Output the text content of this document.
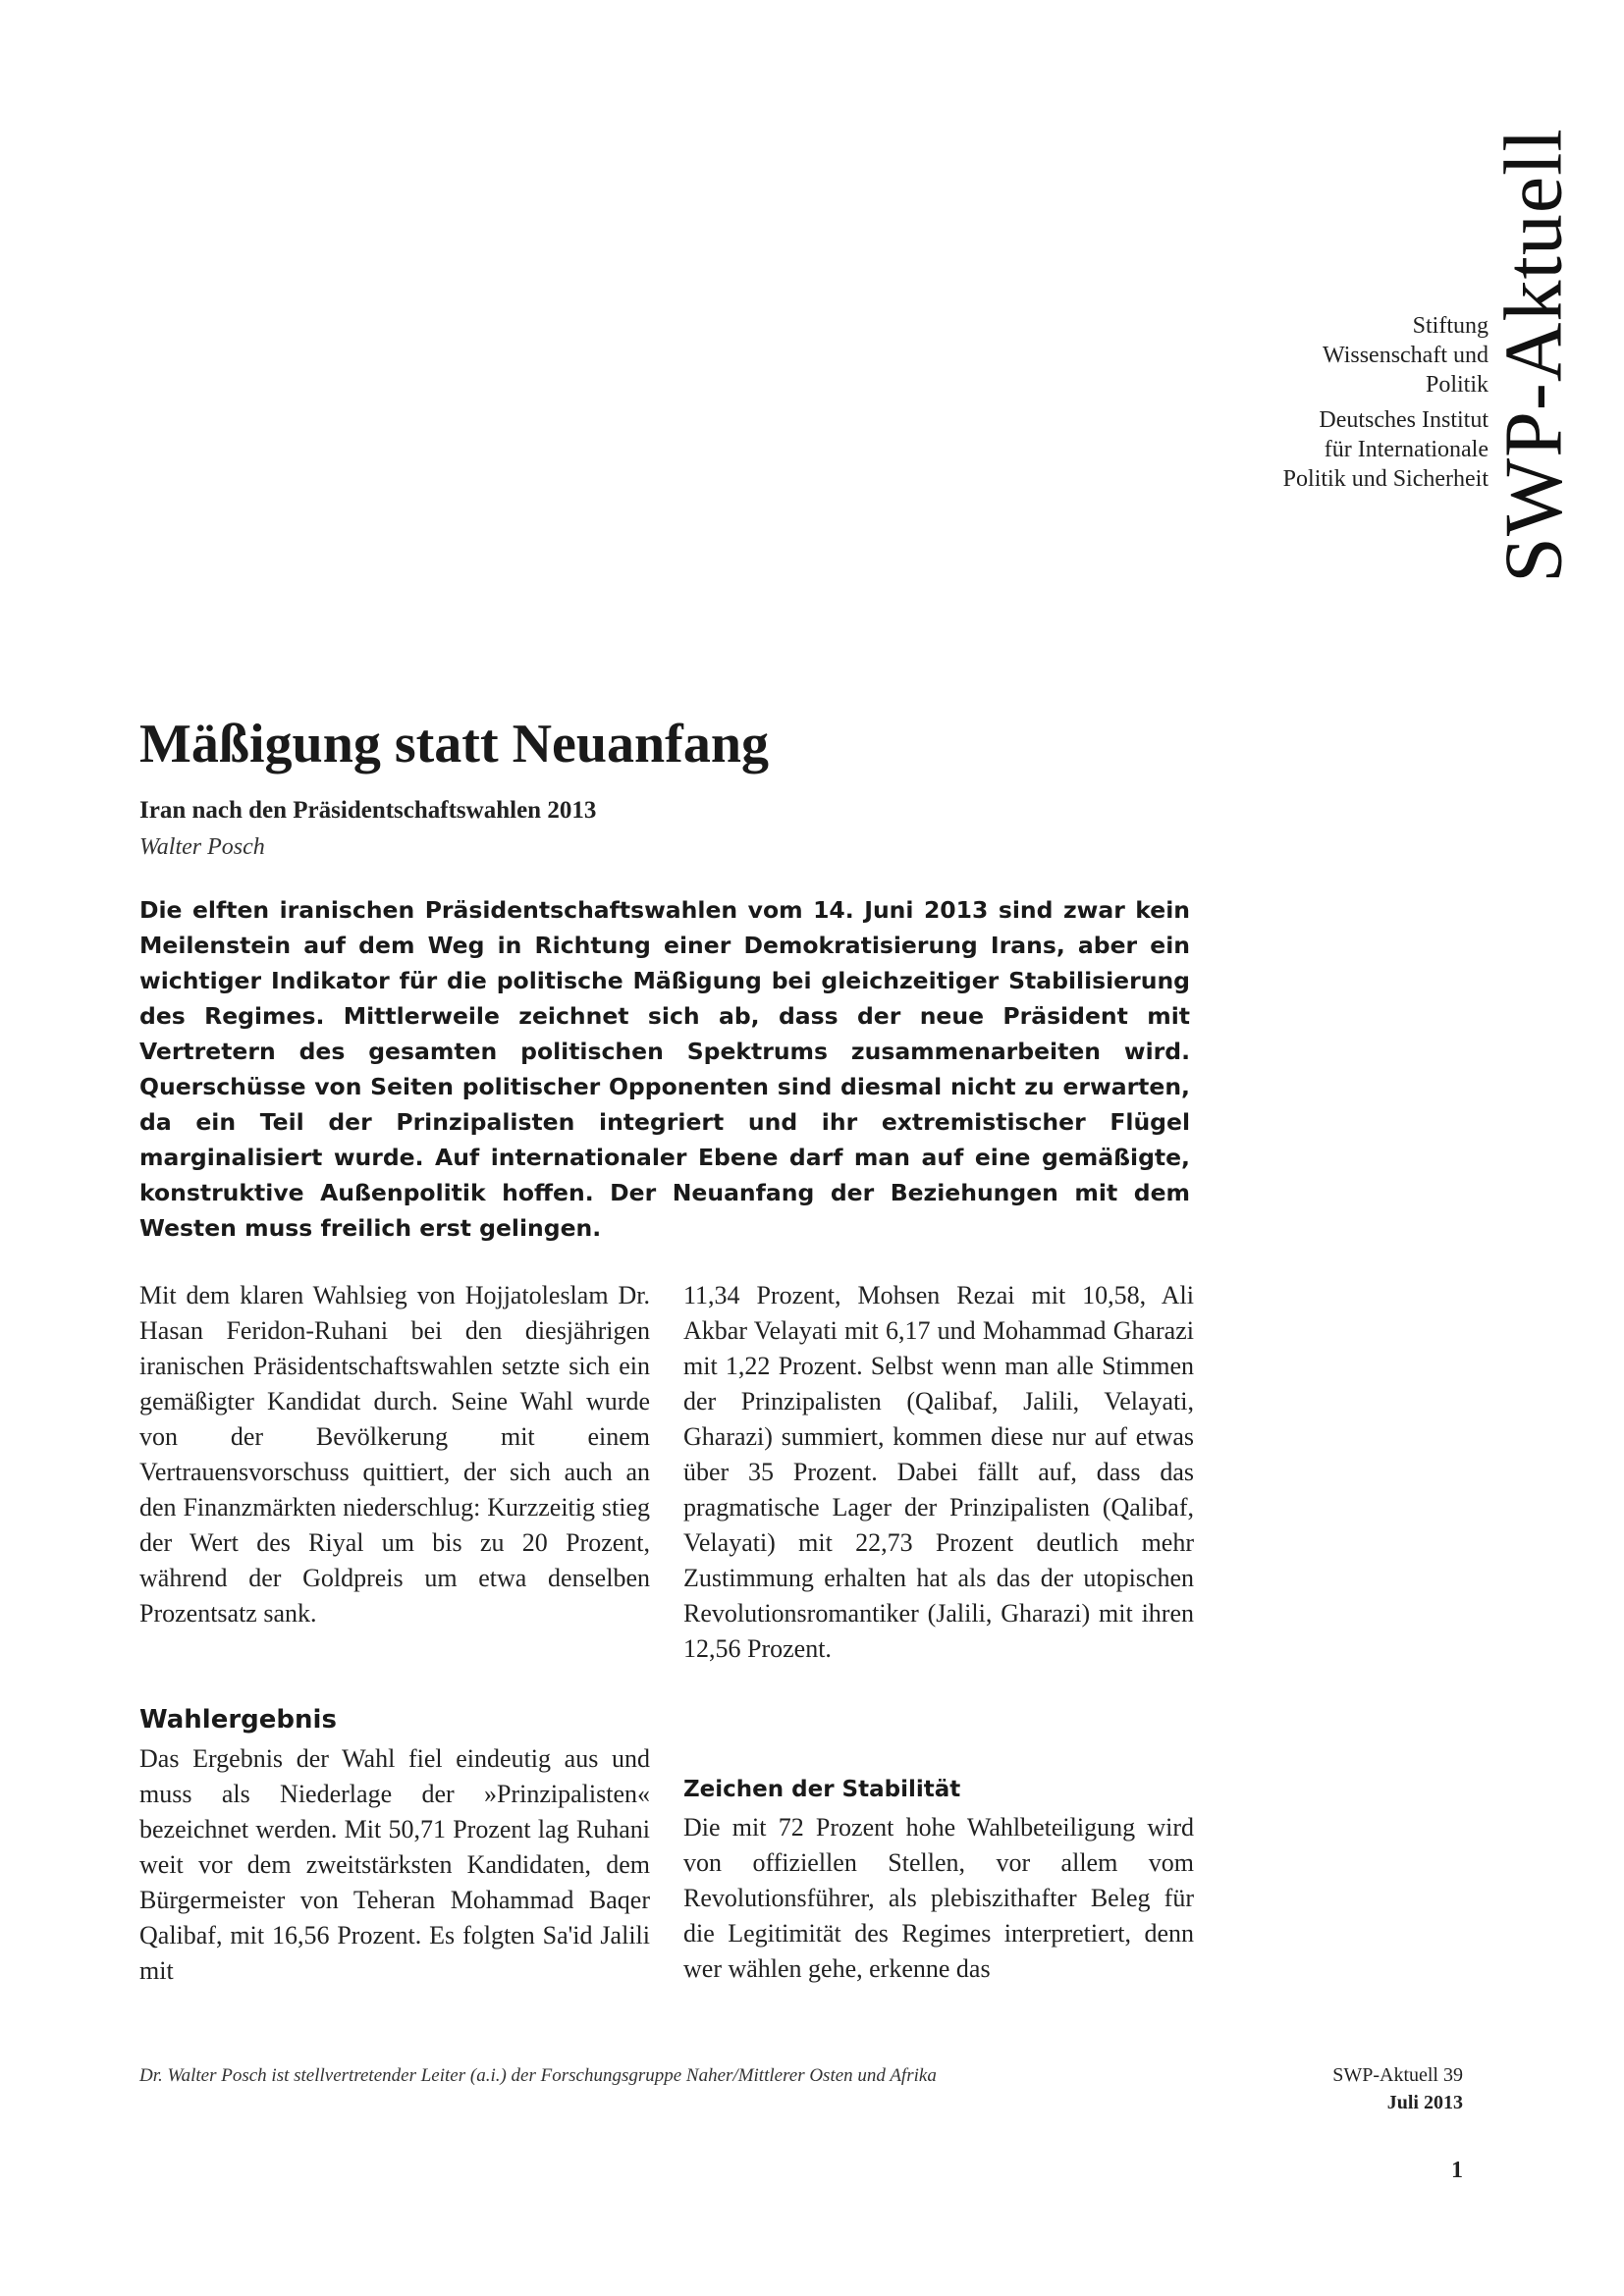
SWP-Aktuell
Stiftung
Wissenschaft und
Politik
Deutsches Institut
für Internationale
Politik und Sicherheit
Mäßigung statt Neuanfang
Iran nach den Präsidentschaftswahlen 2013
Walter Posch

Die elften iranischen Präsidentschaftswahlen vom 14. Juni 2013 sind zwar kein Meilenstein auf dem Weg in Richtung einer Demokratisierung Irans, aber ein wichtiger Indikator für die politische Mäßigung bei gleichzeitiger Stabilisierung des Regimes. Mittlerweile zeichnet sich ab, dass der neue Präsident mit Vertretern des gesamten politischen Spektrums zusammenarbeiten wird. Querschüsse von Seiten politischer Opponenten sind diesmal nicht zu erwarten, da ein Teil der Prinzipalisten integriert und ihr extremistischer Flügel marginalisiert wurde. Auf internationaler Ebene darf man auf eine gemäßigte, konstruktive Außenpolitik hoffen. Der Neuanfang der Beziehungen mit dem Westen muss freilich erst gelingen.

Mit dem klaren Wahlsieg von Hojjatoleslam Dr. Hasan Feridon-Ruhani bei den diesjährigen iranischen Präsidentschaftswahlen setzte sich ein gemäßigter Kandidat durch. Seine Wahl wurde von der Bevölkerung mit einem Vertrauensvorschuss quittiert, der sich auch an den Finanzmärkten niederschlug: Kurzzeitig stieg der Wert des Riyal um bis zu 20 Prozent, während der Goldpreis um etwa denselben Prozentsatz sank.

Wahlergebnis

Das Ergebnis der Wahl fiel eindeutig aus und muss als Niederlage der »Prinzipalisten« bezeichnet werden. Mit 50,71 Prozent lag Ruhani weit vor dem zweitstärksten Kandidaten, dem Bürgermeister von Teheran Mohammad Baqer Qalibaf, mit 16,56 Prozent. Es folgten Sa'id Jalili mit

11,34 Prozent, Mohsen Rezai mit 10,58, Ali Akbar Velayati mit 6,17 und Mohammad Gharazi mit 1,22 Prozent. Selbst wenn man alle Stimmen der Prinzipalisten (Qalibaf, Jalili, Velayati, Gharazi) summiert, kommen diese nur auf etwas über 35 Prozent. Dabei fällt auf, dass das pragmatische Lager der Prinzipalisten (Qalibaf, Velayati) mit 22,73 Prozent deutlich mehr Zustimmung erhalten hat als das der utopischen Revolutionsromantiker (Jalili, Gharazi) mit ihren 12,56 Prozent.

Zeichen der Stabilität

Die mit 72 Prozent hohe Wahlbeteiligung wird von offiziellen Stellen, vor allem vom Revolutionsführer, als plebiszithafter Beleg für die Legitimität des Regimes interpretiert, denn wer wählen gehe, erkenne das

Dr. Walter Posch ist stellvertretender Leiter (a.i.) der Forschungsgruppe Naher/Mittlerer Osten und Afrika	SWP-Aktuell 39
Juli 2013
1
